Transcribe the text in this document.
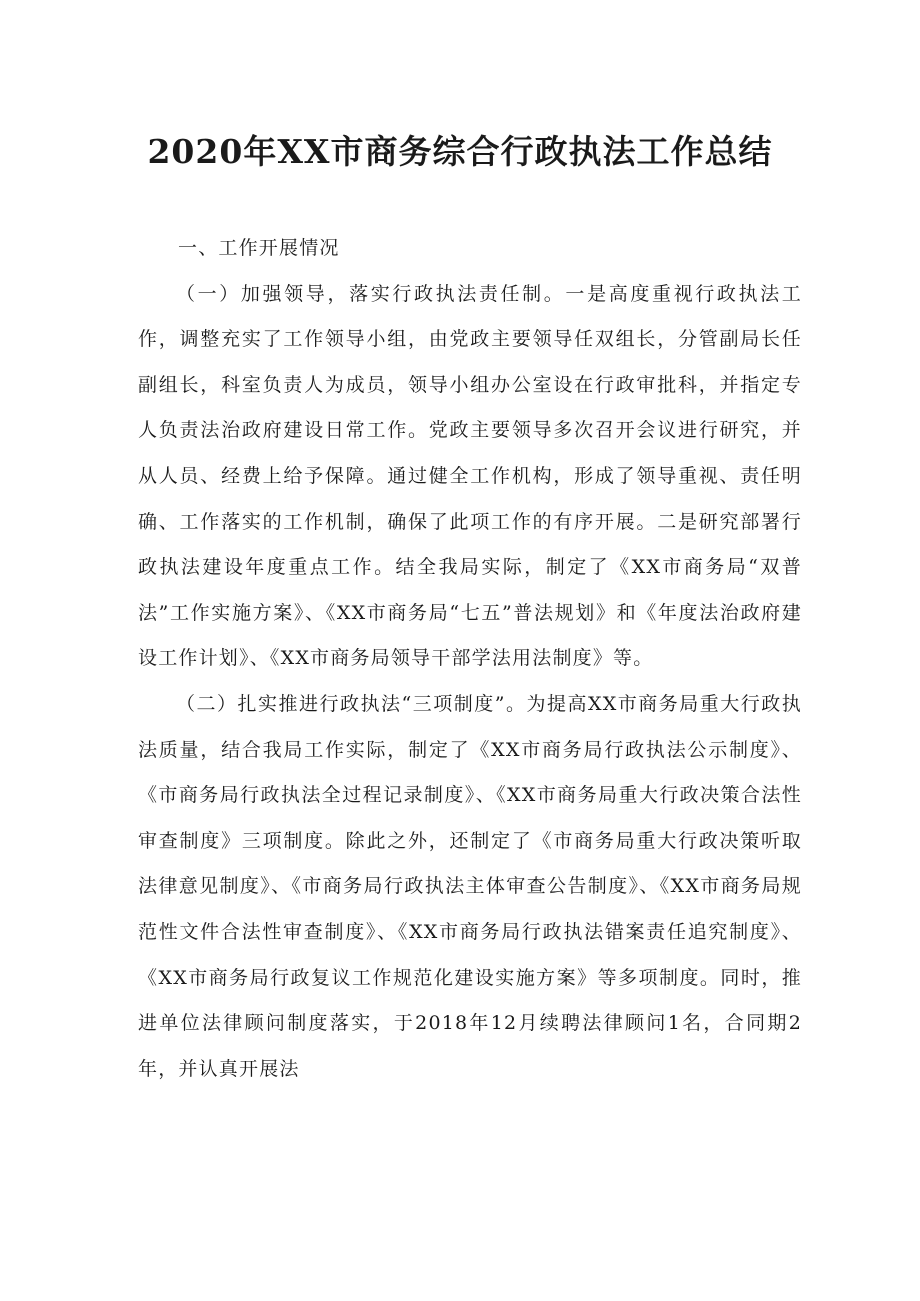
2020年XX市商务综合行政执法工作总结

一、工作开展情况

（一）加强领导，落实行政执法责任制。一是高度重视行政执法工作，调整充实了工作领导小组，由党政主要领导任双组长，分管副局长任副组长，科室负责人为成员，领导小组办公室设在行政审批科，并指定专人负责法治政府建设日常工作。党政主要领导多次召开会议进行研究，并从人员、经费上给予保障。通过健全工作机构，形成了领导重视、责任明确、工作落实的工作机制，确保了此项工作的有序开展。二是研究部署行政执法建设年度重点工作。结全我局实际，制定了《XX市商务局“双普法”工作实施方案》、《XX市商务局“七五”普法规划》和《年度法治政府建设工作计划》、《XX市商务局领导干部学法用法制度》等。

（二）扎实推进行政执法“三项制度”。为提高XX市商务局重大行政执法质量，结合我局工作实际，制定了《XX市商务局行政执法公示制度》、《市商务局行政执法全过程记录制度》、《XX市商务局重大行政决策合法性审查制度》三项制度。除此之外，还制定了《市商务局重大行政决策听取法律意见制度》、《市商务局行政执法主体审查公告制度》、《XX市商务局规范性文件合法性审查制度》、《XX市商务局行政执法错案责任追究制度》、《XX市商务局行政复议工作规范化建设实施方案》等多项制度。同时，推进单位法律顾问制度落实，于2018年12月续聘法律顾问1名，合同期2年，并认真开展法
